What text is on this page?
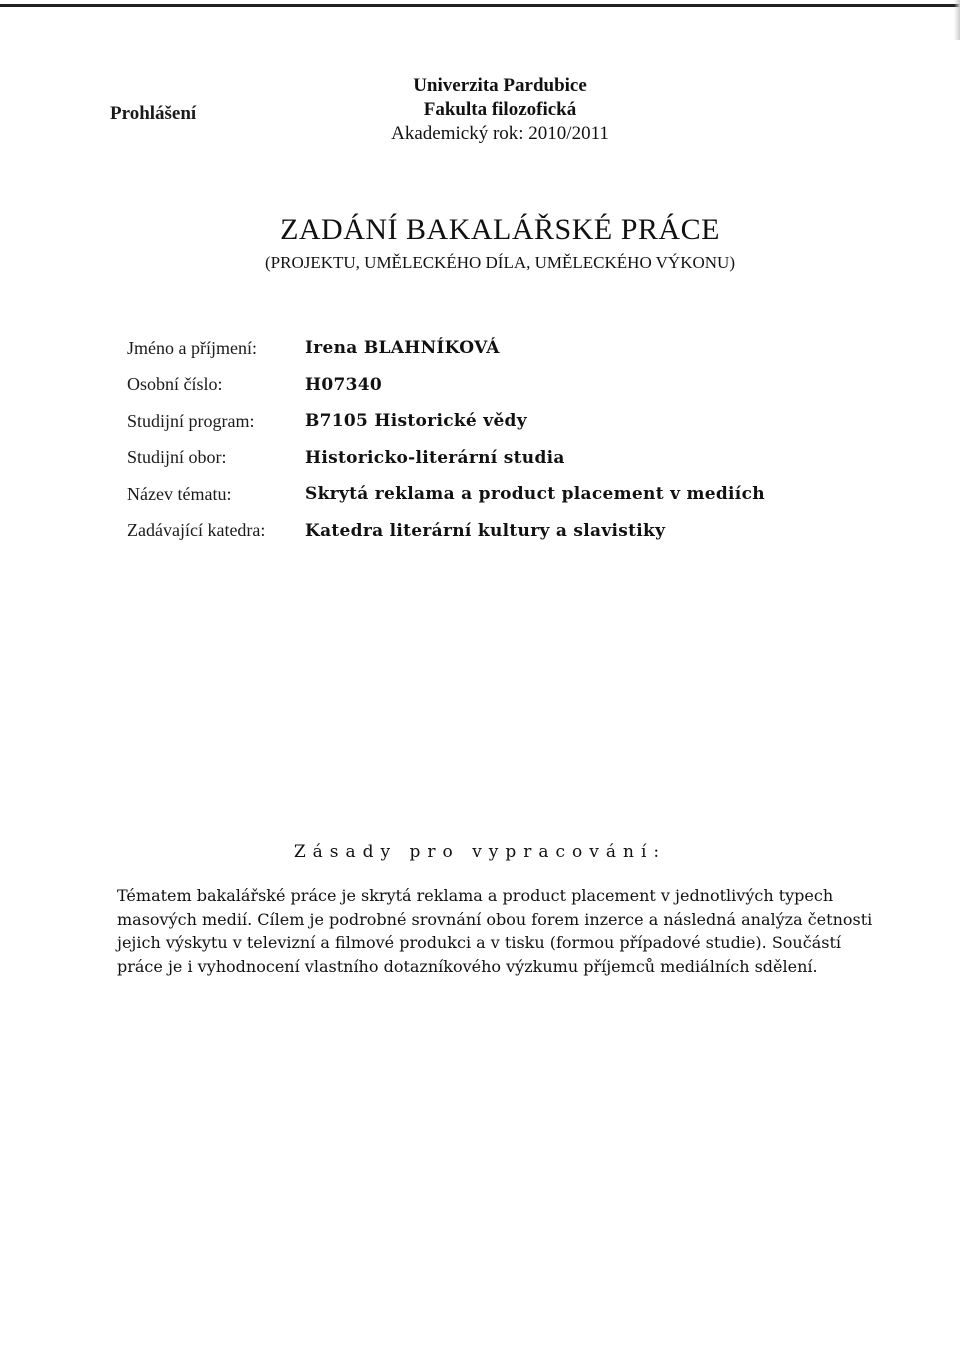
Prohlášení
Univerzita Pardubice
Fakulta filozofická
Akademický rok: 2010/2011
ZADÁNÍ BAKALÁŘSKÉ PRÁCE
(PROJEKTU, UMĚLECKÉHO DÍLA, UMĚLECKÉHO VÝKONU)
Jméno a příjmení:	Irena BLAHNÍKOVÁ
Osobní číslo:	H07340
Studijní program:	B7105 Historické vědy
Studijní obor:	Historicko-literární studia
Název tématu:	Skrytá reklama a product placement v mediích
Zadávající katedra:	Katedra literární kultury a slavistiky
Zásady pro vypracování:
Tématem bakalářské práce je skrytá reklama a product placement v jednotlivých typech
masových medií. Cílem je podrobné srovnání obou forem inzerce a následná analýza četnosti
jejich výskytu v televizní a filmové produkci a v tisku (formou případové studie). Součástí
práce je i vyhodnocení vlastního dotazníkového výzkumu příjemců mediálních sdělení.
